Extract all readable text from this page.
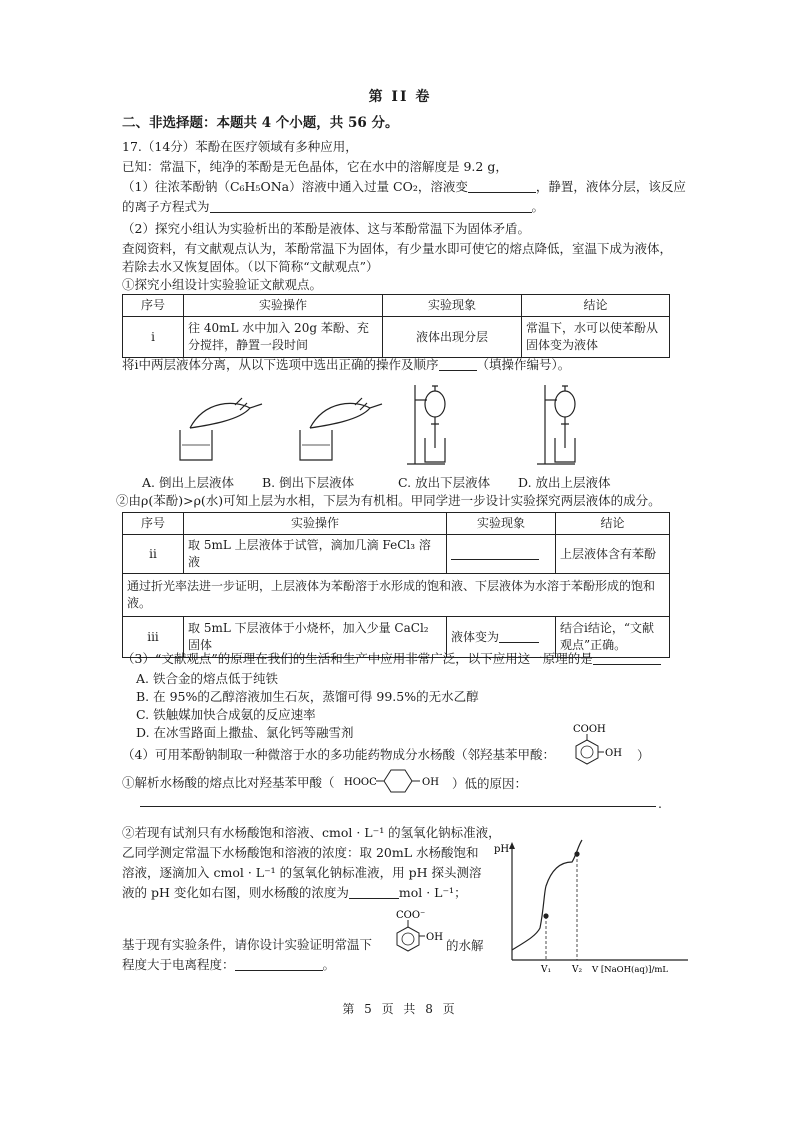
第 II 卷
二、非选择题：本题共 4 个小题，共 56 分。
17.（14分）苯酚在医疗领域有多种应用，
已知：常温下，纯净的苯酚是无色晶体，它在水中的溶解度是 9.2 g，
（1）往浓苯酚钠（C₆H₅ONa）溶液中通入过量 CO₂，溶液变	，静置，液体分层，该反应
的离子方程式为	。
（2）探究小组认为实验析出的苯酚是液体、这与苯酚常温下为固体矛盾。
查阅资料，有文献观点认为，苯酚常温下为固体，有少量水即可使它的熔点降低，室温下成为液体，
若除去水又恢复固体。（以下简称“文献观点”）
①探究小组设计实验验证文献观点。
序号	实验操作	实验现象	结论
i	往 40mL 水中加入 20g 苯酚、充分搅拌，静置一段时间	液体出现分层	常温下，水可以使苯酚从固体变为液体
将i中两层液体分离，从以下选项中选出正确的操作及顺序	（填操作编号）。
A. 倒出上层液体 B. 倒出下层液体	C. 放出下层液体 D. 放出上层液体
②由ρ(苯酚)>ρ(水)可知上层为水相，下层为有机相。甲同学进一步设计实验探究两层液体的成分。
序号	实验操作	实验现象	结论
ii	取 5mL 上层液体于试管，滴加几滴 FeCl₃ 溶液		上层液体含有苯酚
通过折光率法进一步证明，上层液体为苯酚溶于水形成的饱和液、下层液体为水溶于苯酚形成的饱和液。			
iii	取 5mL 下层液体于小烧杯，加入少量 CaCl₂ 固体	液体变为	结合i结论，“文献观点”正确。
（3）“文献观点”的原理在我们的生活和生产中应用非常广泛，以下应用这一原理的是
A. 铁合金的熔点低于纯铁
B. 在 95%的乙醇溶液加生石灰，蒸馏可得 99.5%的无水乙醇
C. 铁触媒加快合成氨的反应速率
D. 在冰雪路面上撒盐、氯化钙等融雪剂
（4）可用苯酚钠制取一种微溶于水的多功能药物成分水杨酸（邻羟基苯甲酸：
COOH
OH ）
①解析水杨酸的熔点比对羟基苯甲酸（ HOOC	OH ）低的原因：
.
②若现有试剂只有水杨酸饱和溶液、cmol · L⁻¹ 的氢氧化钠标准液，
乙同学测定常温下水杨酸饱和溶液的浓度：取 20mL 水杨酸饱和
溶液，逐滴加入 cmol · L⁻¹ 的氢氧化钠标准液，用 pH 探头测溶
液的 pH 变化如右图，则水杨酸的浓度为	mol · L⁻¹；
基于现有实验条件，请你设计实验证明常温下
COO⁻
OH
的水解
程度大于电离程度：	。
pH
V₁ V₂ V [NaOH(aq)]/mL
第 5 页 共 8 页
